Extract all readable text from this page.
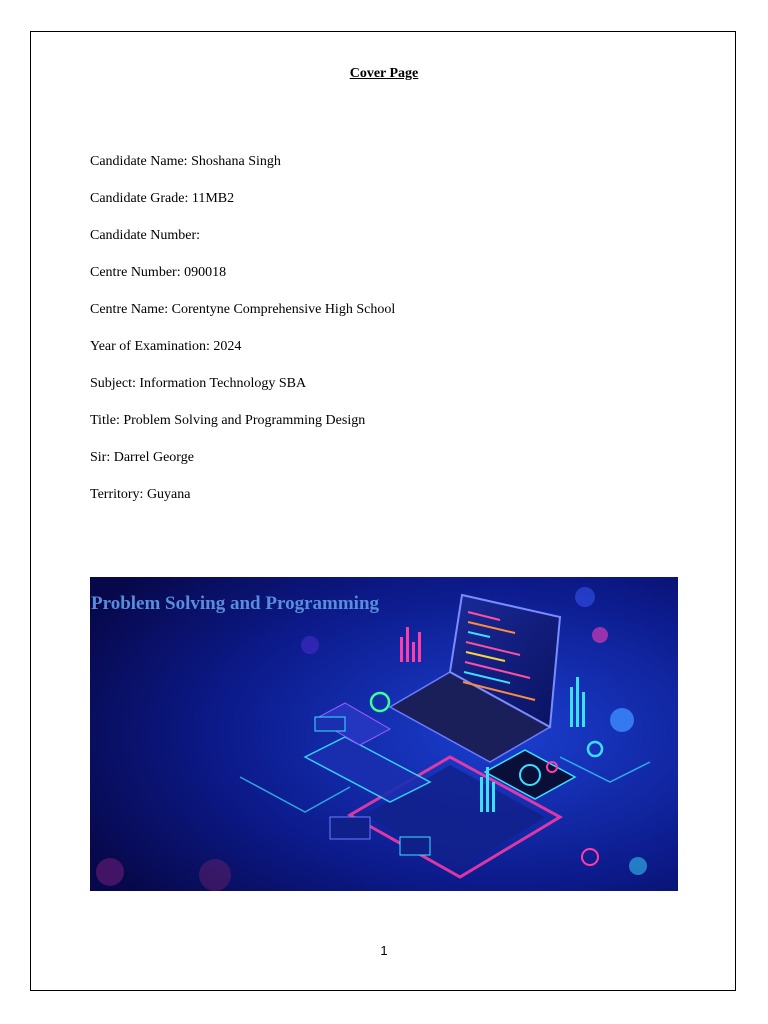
Cover Page
Candidate Name: Shoshana Singh
Candidate Grade: 11MB2
Candidate Number:
Centre Number: 090018
Centre Name: Corentyne Comprehensive High School
Year of Examination: 2024
Subject: Information Technology SBA
Title: Problem Solving and Programming Design
Sir: Darrel George
Territory: Guyana
Problem Solving and Programming
1
